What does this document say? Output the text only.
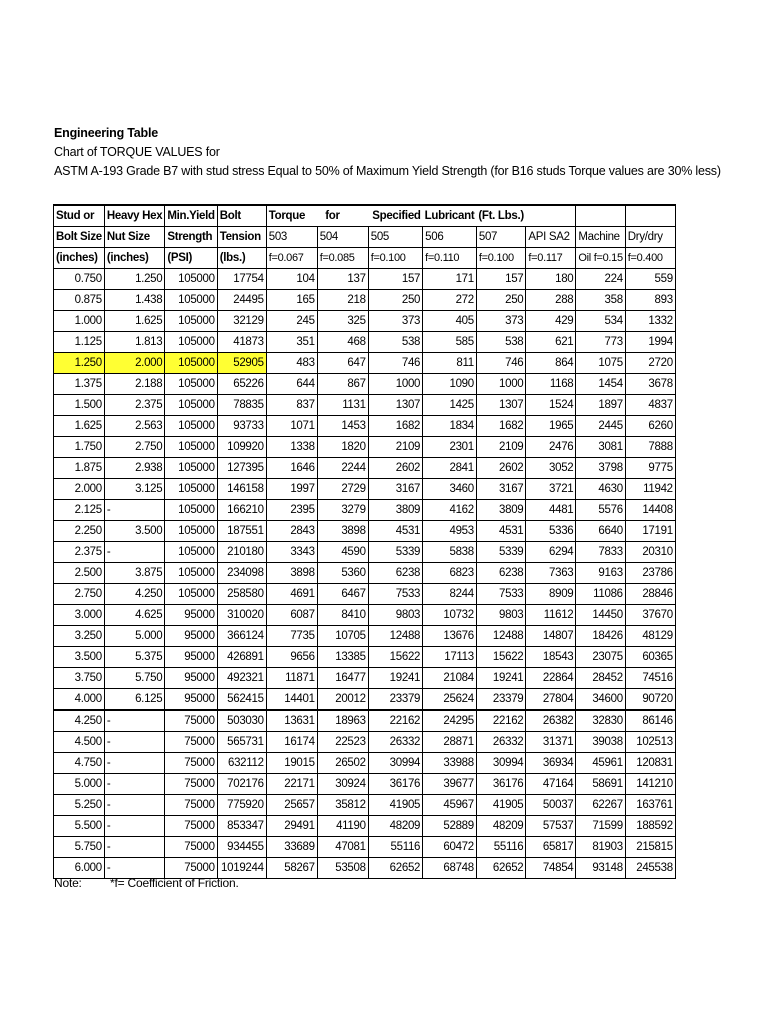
Engineering Table
Chart of TORQUE VALUES for
ASTM A-193 Grade B7 with stud stress Equal to 50% of Maximum Yield Strength (for B16 studs Torque values are 30% less)
Stud or	Heavy Hex	Min.Yield	Bolt	Torque	for	Specified	Lubricant	(Ft. Lbs.)			
Bolt Size	Nut Size	Strength	Tension	503	504	505	506	507	API SA2	Machine	Dry/dry
(inches)	(inches)	(PSI)	(lbs.)	f=0.067	f=0.085	f=0.100	f=0.110	f=0.100	f=0.117	Oil f=0.15	f=0.400
0.750	1.250	105000	17754	104	137	157	171	157	180	224	559
0.875	1.438	105000	24495	165	218	250	272	250	288	358	893
1.000	1.625	105000	32129	245	325	373	405	373	429	534	1332
1.125	1.813	105000	41873	351	468	538	585	538	621	773	1994
1.250	2.000	105000	52905	483	647	746	811	746	864	1075	2720
1.375	2.188	105000	65226	644	867	1000	1090	1000	1168	1454	3678
1.500	2.375	105000	78835	837	1131	1307	1425	1307	1524	1897	4837
1.625	2.563	105000	93733	1071	1453	1682	1834	1682	1965	2445	6260
1.750	2.750	105000	109920	1338	1820	2109	2301	2109	2476	3081	7888
1.875	2.938	105000	127395	1646	2244	2602	2841	2602	3052	3798	9775
2.000	3.125	105000	146158	1997	2729	3167	3460	3167	3721	4630	11942
2.125	-	105000	166210	2395	3279	3809	4162	3809	4481	5576	14408
2.250	3.500	105000	187551	2843	3898	4531	4953	4531	5336	6640	17191
2.375	-	105000	210180	3343	4590	5339	5838	5339	6294	7833	20310
2.500	3.875	105000	234098	3898	5360	6238	6823	6238	7363	9163	23786
2.750	4.250	105000	258580	4691	6467	7533	8244	7533	8909	11086	28846
3.000	4.625	95000	310020	6087	8410	9803	10732	9803	11612	14450	37670
3.250	5.000	95000	366124	7735	10705	12488	13676	12488	14807	18426	48129
3.500	5.375	95000	426891	9656	13385	15622	17113	15622	18543	23075	60365
3.750	5.750	95000	492321	11871	16477	19241	21084	19241	22864	28452	74516
4.000	6.125	95000	562415	14401	20012	23379	25624	23379	27804	34600	90720
4.250	-	75000	503030	13631	18963	22162	24295	22162	26382	32830	86146
4.500	-	75000	565731	16174	22523	26332	28871	26332	31371	39038	102513
4.750	-	75000	632112	19015	26502	30994	33988	30994	36934	45961	120831
5.000	-	75000	702176	22171	30924	36176	39677	36176	47164	58691	141210
5.250	-	75000	775920	25657	35812	41905	45967	41905	50037	62267	163761
5.500	-	75000	853347	29491	41190	48209	52889	48209	57537	71599	188592
5.750	-	75000	934455	33689	47081	55116	60472	55116	65817	81903	215815
6.000	-	75000	1019244	58267	53508	62652	68748	62652	74854	93148	245538
Note: *f= Coefficient of Friction.
